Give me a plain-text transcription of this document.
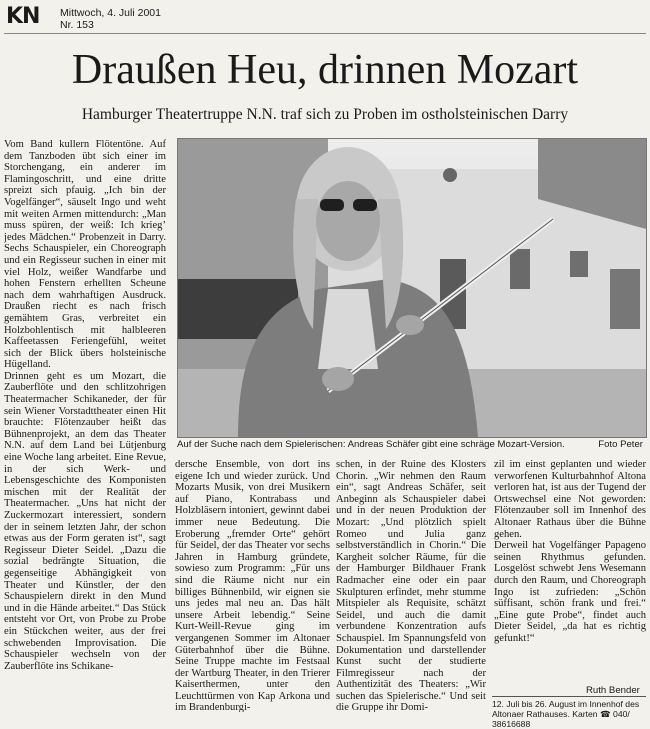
KN Mittwoch, 4. Juli 2001
Nr. 153
Draußen Heu, drinnen Mozart
Hamburger Theatertruppe N.N. traf sich zu Proben im ostholsteinischen Darry
Vom Band kullern Flötentöne. Auf dem Tanzboden übt sich einer im Storchengang, ein anderer im Flamingoschritt, und eine dritte spreizt sich pfauig. „Ich bin der Vogelfänger“, säuselt Ingo und weht mit weiten Armen mittendurch: „Man muss spüren, der weiß: Ich krieg’ jedes Mädchen.“ Probenzeit in Darry. Sechs Schauspieler, ein Choreograph und ein Regisseur suchen in einer mit viel Holz, weißer Wandfarbe und hohen Fenstern erhellten Scheune nach dem wahrhaftigen Ausdruck. Draußen riecht es nach frisch gemähtem Gras, verbreitet ein Holzbohlentisch mit halbleeren Kaffeetassen Feriengefühl, weitet sich der Blick übers holsteinische Hügelland.
Drinnen geht es um Mozart, die Zauberflöte und den schlitzohrigen Theatermacher Schikaneder, der für sein Wiener Vorstadttheater einen Hit brauchte: Flötenzauber heißt das Bühnenprojekt, an dem das Theater N.N. auf dem Land bei Lütjenburg eine Woche lang arbeitet. Eine Revue, in der sich Werk- und Lebensgeschichte des Komponisten mischen mit der Realität der Theatermacher. „Uns hat nicht der Zuckermozart interessiert, sondern der in seinem letzten Jahr, der schon etwas aus der Form geraten ist“, sagt Regisseur Dieter Seidel. „Dazu die sozial bedrängte Situation, die gegenseitige Abhängigkeit von Theater und Künstler, der den Schauspielern direkt in den Mund und in die Hände arbeitet.“ Das Stück entsteht vor Ort, von Probe zu Probe ein Stückchen weiter, aus der frei schwebenden Improvisation. Die Schauspieler wechseln von der Zauberflöte ins Schikane-
Auf der Suche nach dem Spielerischen: Andreas Schäfer gibt eine schräge Mozart-Version.	Foto Peter
dersche Ensemble, von dort ins eigene Ich und wieder zurück. Und Mozarts Musik, von drei Musikern auf Piano, Kontrabass und Holzbläsern intoniert, gewinnt dabei immer neue Bedeutung. Die Eroberung „fremder Orte“ gehört für Seidel, der das Theater vor sechs Jahren in Hamburg gründete, sowieso zum Programm: „Für uns sind die Räume nicht nur ein billiges Bühnenbild, wir eignen sie uns jedes mal neu an. Das hält unsere Arbeit lebendig.“ Seine Kurt-Weill-Revue ging im vergangenen Sommer im Altonaer Güterbahnhof über die Bühne. Seine Truppe machte im Festsaal der Wartburg Theater, in den Trierer Kaiserthermen, unter den Leuchttürmen von Kap Arkona und im Brandenburgi-
schen, in der Ruine des Klosters Chorin. „Wir nehmen den Raum ein“, sagt Andreas Schäfer, seit Anbeginn als Schauspieler dabei und in der neuen Produktion der Mozart: „Und plötzlich spielt Romeo und Julia ganz selbstverständlich in Chorin.“ Die Kargheit solcher Räume, für die der Hamburger Bildhauer Frank Radmacher eine oder ein paar Skulpturen erfindet, mehr stumme Mitspieler als Requisite, schätzt Seidel, und auch die damit verbundene Konzentration aufs Schauspiel. Im Spannungsfeld von Dokumentation und darstellender Kunst sucht der studierte Filmregisseur nach der Authentizität des Theaters: „Wir suchen das Spielerische.“ Und seit die Gruppe ihr Domi-
zil im einst geplanten und wieder verworfenen Kulturbahnhof Altona verloren hat, ist aus der Tugend der Ortswechsel eine Not geworden: Flötenzauber soll im Innenhof des Altonaer Rathaus über die Bühne gehen.
Derweil hat Vogelfänger Papageno seinen Rhythmus gefunden. Losgelöst schwebt Jens Wesemann durch den Raum, und Choreograph Ingo ist zufrieden: „Schön süffisant, schön frank und frei.“ „Eine gute Probe“, findet auch Dieter Seidel, „da hat es richtig gefunkt!“
Ruth Bender
12. Juli bis 26. August im Innenhof des Altonaer Rathauses. Karten ☎ 040/ 38616688
